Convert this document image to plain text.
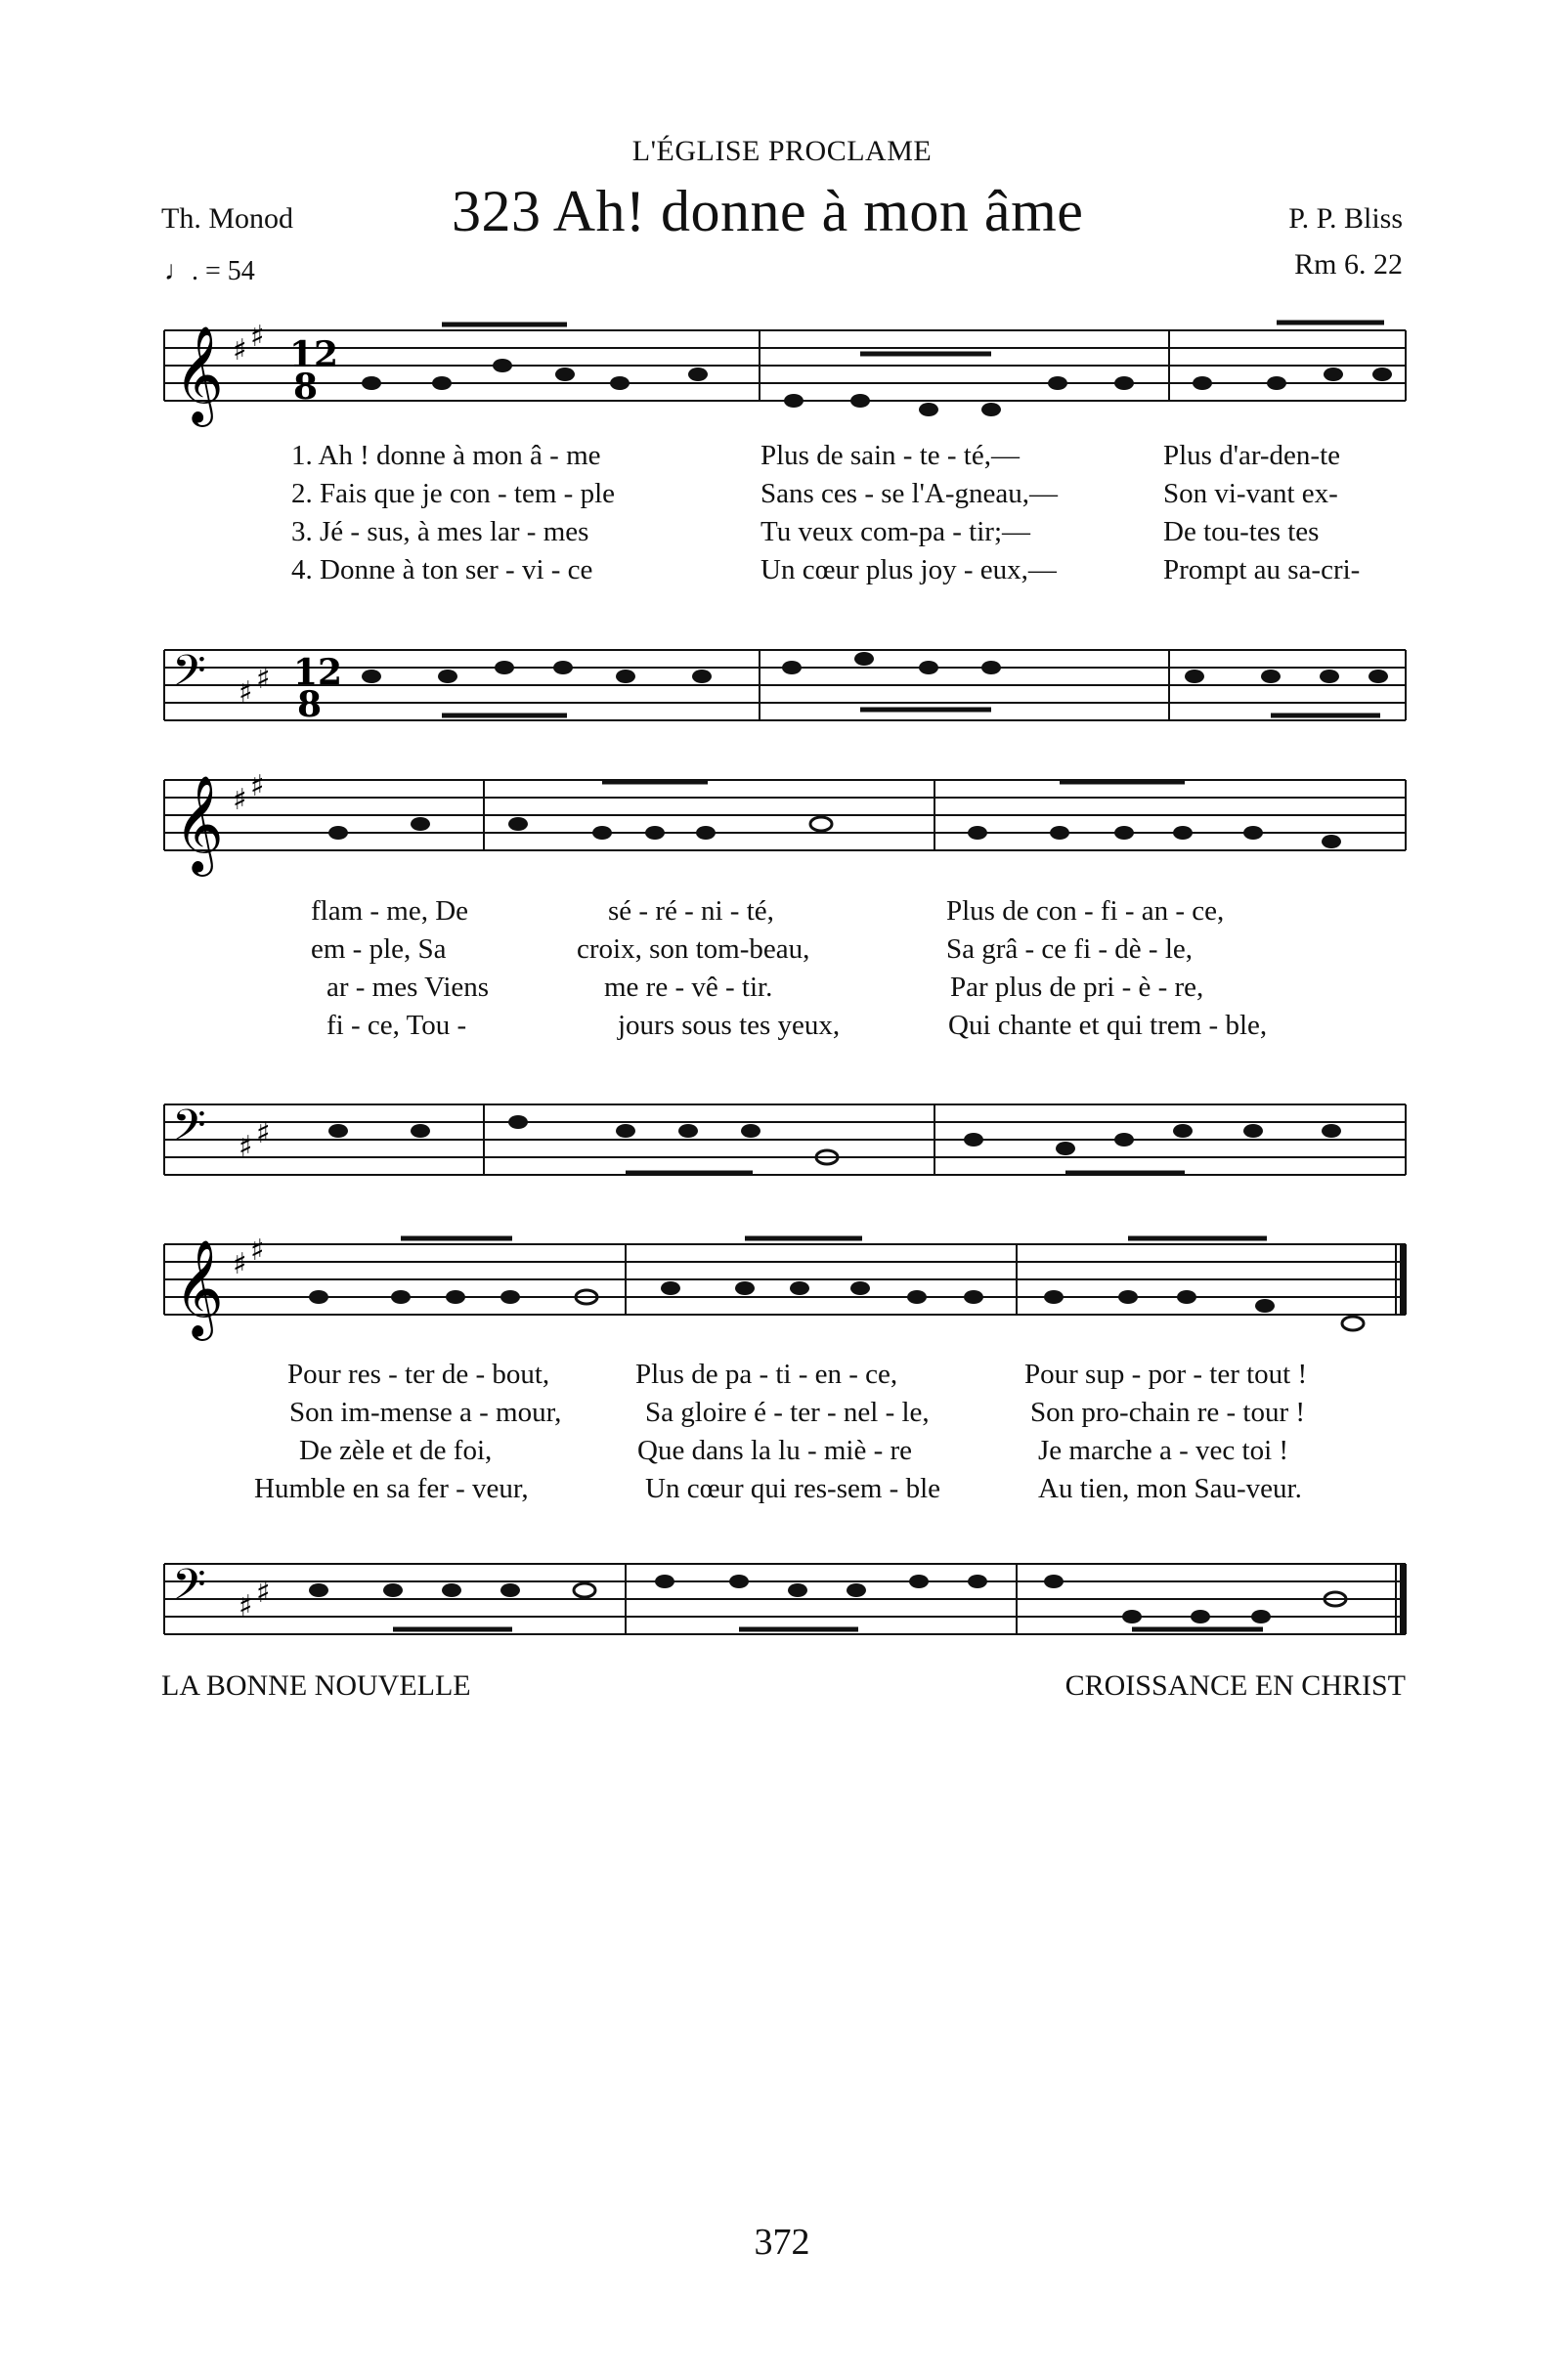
L'ÉGLISE PROCLAME
Th. Monod	323 Ah! donne à mon âme	P. P. Bliss
Rm 6. 22
♩. = 54
𝄞 ♯ ♯ 12
8
1. Ah ! donne à mon â - me	Plus de sain - te - té,—	Plus d'ar-den-te
2. Fais que je con - tem - ple	Sans ces - se l'A-gneau,—	Son vi-vant ex-
3. Jé - sus, à mes lar - mes	Tu veux com-pa - tir;—	De tou-tes tes
4. Donne à ton ser - vi - ce	Un cœur plus joy - eux,—	Prompt au sa-cri-
𝄢 ♯ ♯ 12
8
𝄞 ♯ ♯
flam - me, De	sé - ré - ni - té,	Plus de con - fi - an - ce,
em - ple, Sa	croix, son tom-beau,	Sa grâ - ce fi - dè - le,
ar - mes Viens	me re - vê - tir.	Par plus de pri - è - re,
fi - ce, Tou -	jours sous tes yeux,	Qui chante et qui trem - ble,
𝄢 ♯ ♯
𝄞 ♯ ♯
Pour res - ter de - bout,	Plus de pa - ti - en - ce,	Pour sup - por - ter tout !
Son im-mense a - mour,	Sa gloire é - ter - nel - le,	Son pro-chain re - tour !
De zèle et de foi,	Que dans la lu - miè - re	Je marche a - vec toi !
Humble en sa fer - veur,	Un cœur qui res-sem - ble	Au tien, mon Sau-veur.
𝄢 ♯ ♯
LA BONNE NOUVELLE	CROISSANCE EN CHRIST
372
